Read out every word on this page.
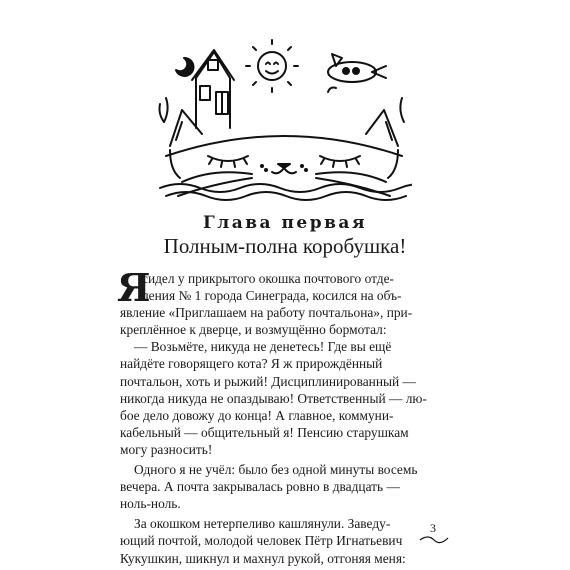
Глава первая
Полным-полна коробушка!
Я
сидел у прикрытого окошка почтового отде-
ления № 1 города Синеграда, косился на объ-
явление «Приглашаем на работу почтальона», при-
креплённое к дверце, и возмущённо бормотал:
— Возьмёте, никуда не денетесь! Где вы ещё
найдёте говорящего кота? Я ж прирождённый
почтальон, хоть и рыжий! Дисциплинированный —
никогда никуда не опаздываю! Ответственный — лю-
бое дело довожу до конца! А главное, коммуни-
кабельный — общительный я! Пенсию старушкам
могу разносить!
Одного я не учёл: было без одной минуты восемь
вечера. А почта закрывалась ровно в двадцать —
ноль-ноль.
За окошком нетерпеливо кашлянули. Заведу-
ющий почтой, молодой человек Пётр Игнатьевич
Кукушкин, шикнул и махнул рукой, отгоняя меня:
3
